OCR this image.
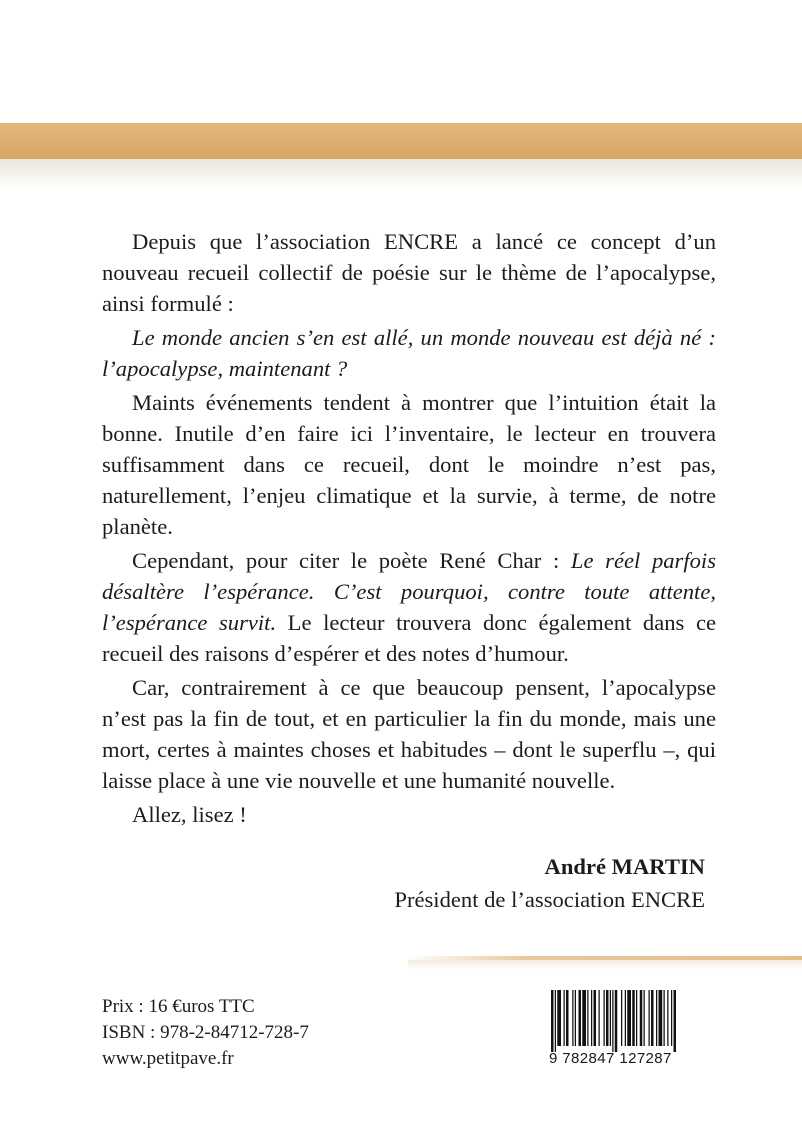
Depuis que l’association ENCRE a lancé ce concept d’un nouveau recueil collectif de poésie sur le thème de l’apocalypse, ainsi formulé :

Le monde ancien s’en est allé, un monde nouveau est déjà né : l’apocalypse, maintenant ?

Maints événements tendent à montrer que l’intuition était la bonne. Inutile d’en faire ici l’inventaire, le lecteur en trouvera suffisamment dans ce recueil, dont le moindre n’est pas, naturellement, l’enjeu climatique et la survie, à terme, de notre planète.

Cependant, pour citer le poète René Char : Le réel parfois désaltère l’espérance. C’est pourquoi, contre toute attente, l’espérance survit. Le lecteur trouvera donc également dans ce recueil des raisons d’espérer et des notes d’humour.

Car, contrairement à ce que beaucoup pensent, l’apocalypse n’est pas la fin de tout, et en particulier la fin du monde, mais une mort, certes à maintes choses et habitudes – dont le superflu –, qui laisse place à une vie nouvelle et une humanité nouvelle.

Allez, lisez !

André MARTIN
Président de l’association ENCRE
Prix : 16 €uros TTC
ISBN : 978-2-84712-728-7
www.petitpave.fr	9 782847 127287
